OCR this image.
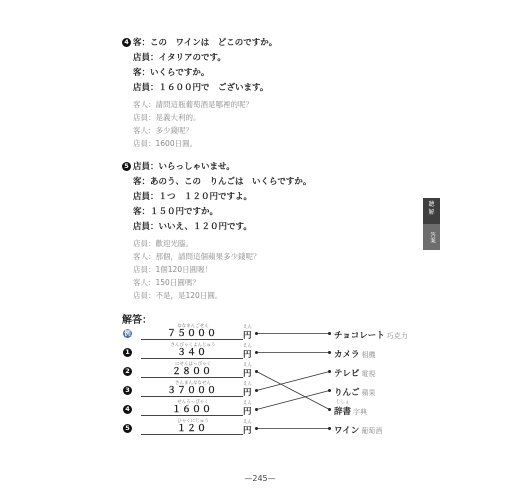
4 客：この　ワインは　どこのですか。
店員：イタリアのです。
客：いくらですか。
店員：１６００円で　ございます。
客人：請問這瓶葡萄酒是哪裡的呢？
店員：是義大利的。
客人：多少錢呢？
店員：1600日圓。
5 店員：いらっしゃいませ。
客：あのう、この　りんごは　いくらですか。
店員：１つ　１２０円ですよ。
客：１５０円ですか。
店員：いいえ、１２０円です。
店員：歡迎光臨。
客人：那個，請問這個蘋果多少錢呢？
店員：1個120日圓喔！
客人：150日圓嗎？
店員：不是，是120日圓。
聽
解
答案
解答：
例
ななまんごせん
７５０００
えん
円
1
さんびゃくよんじゅう
３４０
えん
円
2
にせんはっぴゃく
２８００
えん
円
3
さんまんななせん
３７０００
えん
円
4
せんろっぴゃく
１６００
えん
円
5
ひゃくにじゅう
１２０
えん
円
チョコレート 巧克力
カメラ 相機
テレビ 電視
りんご 蘋果
じしょ
辞書 字典
ワイン 葡萄酒
—245—
